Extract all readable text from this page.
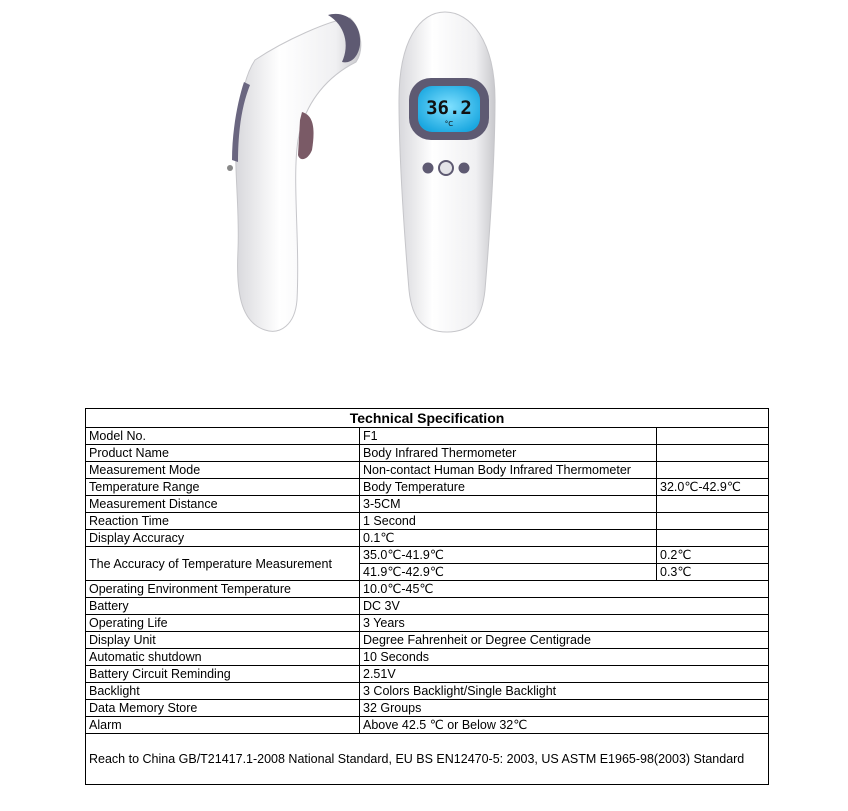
36.2
°C
Technical Specification		
Model No.	F1	
Product Name	Body Infrared Thermometer	
Measurement Mode	Non-contact Human Body Infrared Thermometer	
Temperature Range	Body Temperature	32.0℃-42.9℃
Measurement Distance	3-5CM	
Reaction Time	1 Second	
Display Accuracy	0.1℃	
The Accuracy of Temperature Measurement	35.0℃-41.9℃	0.2℃
	41.9℃-42.9℃	0.3℃
Operating Environment Temperature	10.0℃-45℃	
Battery	DC 3V	
Operating Life	3 Years	
Display Unit	Degree Fahrenheit or Degree Centigrade	
Automatic shutdown	10 Seconds	
Battery Circuit Reminding	2.51V	
Backlight	3 Colors Backlight/Single Backlight	
Data Memory Store	32 Groups	
Alarm	Above 42.5 ℃ or Below 32℃	
Reach to China GB/T21417.1-2008 National Standard, EU BS EN12470-5: 2003, US ASTM E1965-98(2003) Standard		
